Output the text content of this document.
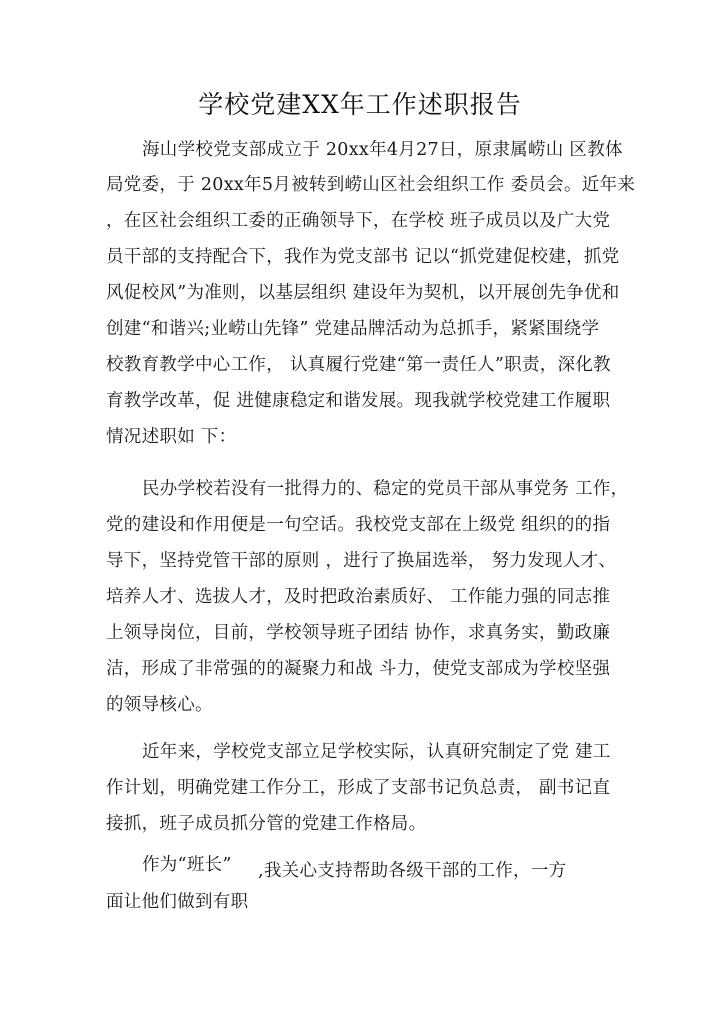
学校党建XX年工作述职报告
海山学校党支部成立于 20xx年4月27日，原隶属崂山 区教体
局党委，于 20xx年5月被转到崂山区社会组织工作 委员会。近年来
，在区社会组织工委的正确领导下，在学校 班子成员以及广大党
员干部的支持配合下，我作为党支部书 记以“抓党建促校建，抓党
风促校风”为准则，以基层组织 建设年为契机，以开展创先争优和
创建“和谐兴;业崂山先锋” 党建品牌活动为总抓手，紧紧围绕学
校教育教学中心工作， 认真履行党建“第一责任人”职责，深化教
育教学改革，促 进健康稳定和谐发展。现我就学校党建工作履职
情况述职如 下：
民办学校若没有一批得力的、稳定的党员干部从事党务 工作，
党的建设和作用便是一句空话。我校党支部在上级党 组织的的指
导下，坚持党管干部的原则 ，进行了换届选举， 努力发现人才、
培养人才、选拔人才，及时把政治素质好、 工作能力强的同志推
上领导岗位，目前，学校领导班子团结 协作，求真务实，勤政廉
洁，形成了非常强的的凝聚力和战 斗力，使党支部成为学校坚强
的领导核心。
近年来，学校党支部立足学校实际，认真研究制定了党 建工
作计划，明确党建工作分工，形成了支部书记负总责， 副书记直
接抓，班子成员抓分管的党建工作格局。
作为“班长” ,我关心支持帮助各级干部的工作，一方
面让他们做到有职
